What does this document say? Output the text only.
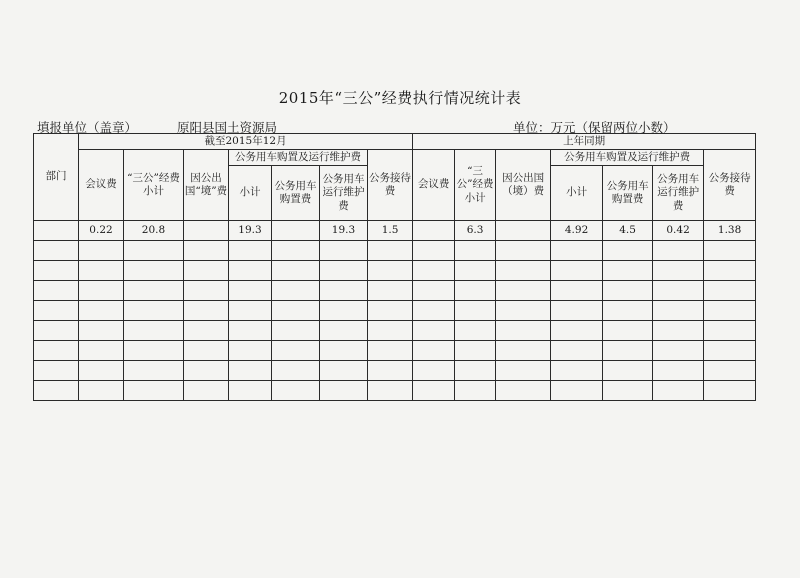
2015年“三公”经费执行情况统计表
填报单位（盖章）	原阳县国土资源局	单位：万元（保留两位小数）
部门	截至2015年12月							上年同期						
	会议费	“三公”经费小计	因公出国“境”费	公务用车购置及运行维护费			公务接待费	会议费	“三公”经费小计	因公出国（境）费	公务用车购置及运行维护费			公务接待费
				小计	公务用车购置费	公务用车运行维护费					小计	公务用车购置费	公务用车运行维护费	
	0.22	20.8		19.3		19.3	1.5		6.3		4.92	4.5	0.42	1.38
